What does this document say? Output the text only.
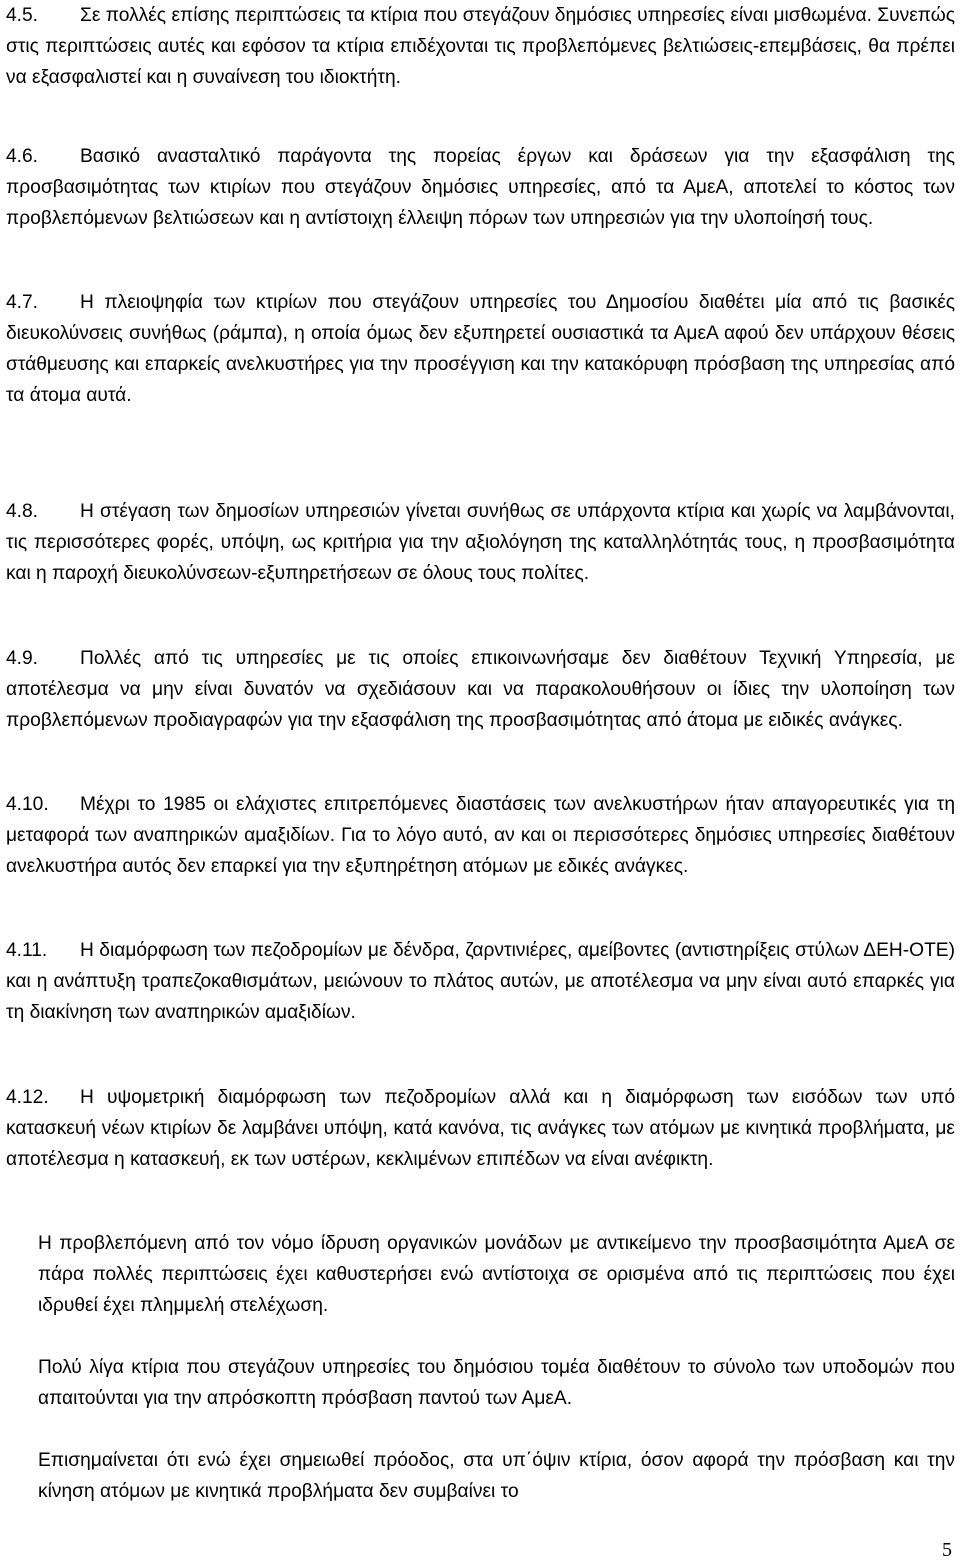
4.5. Σε πολλές επίσης περιπτώσεις τα κτίρια που στεγάζουν δημόσιες υπηρεσίες είναι μισθωμένα. Συνεπώς στις περιπτώσεις αυτές και εφόσον τα κτίρια επιδέχονται τις προβλεπόμενες βελτιώσεις-επεμβάσεις, θα πρέπει να εξασφαλιστεί και η συναίνεση του ιδιοκτήτη.

4.6. Βασικό ανασταλτικό παράγοντα της πορείας έργων και δράσεων για την εξασφάλιση της προσβασιμότητας των κτιρίων που στεγάζουν δημόσιες υπηρεσίες, από τα ΑμεΑ, αποτελεί το κόστος των προβλεπόμενων βελτιώσεων και η αντίστοιχη έλλειψη πόρων των υπηρεσιών για την υλοποίησή τους.

4.7. Η πλειοψηφία των κτιρίων που στεγάζουν υπηρεσίες του Δημοσίου διαθέτει μία από τις βασικές διευκολύνσεις συνήθως (ράμπα), η οποία όμως δεν εξυπηρετεί ουσιαστικά τα ΑμεΑ αφού δεν υπάρχουν θέσεις στάθμευσης και επαρκείς ανελκυστήρες για την προσέγγιση και την κατακόρυφη πρόσβαση της υπηρεσίας από τα άτομα αυτά.

4.8. Η στέγαση των δημοσίων υπηρεσιών γίνεται συνήθως σε υπάρχοντα κτίρια και χωρίς να λαμβάνονται, τις περισσότερες φορές, υπόψη, ως κριτήρια για την αξιολόγηση της καταλληλότητάς τους, η προσβασιμότητα και η παροχή διευκολύνσεων-εξυπηρετήσεων σε όλους τους πολίτες.

4.9. Πολλές από τις υπηρεσίες με τις οποίες επικοινωνήσαμε δεν διαθέτουν Τεχνική Υπηρεσία, με αποτέλεσμα να μην είναι δυνατόν να σχεδιάσουν και να παρακολουθήσουν οι ίδιες την υλοποίηση των προβλεπόμενων προδιαγραφών για την εξασφάλιση της προσβασιμότητας από άτομα με ειδικές ανάγκες.

4.10. Μέχρι το 1985 οι ελάχιστες επιτρεπόμενες διαστάσεις των ανελκυστήρων ήταν απαγορευτικές για τη μεταφορά των αναπηρικών αμαξιδίων. Για το λόγο αυτό, αν και οι περισσότερες δημόσιες υπηρεσίες διαθέτουν ανελκυστήρα αυτός δεν επαρκεί για την εξυπηρέτηση ατόμων με εδικές ανάγκες.

4.11. Η διαμόρφωση των πεζοδρομίων με δένδρα, ζαρντινιέρες, αμείβοντες (αντιστηρίξεις στύλων ΔΕΗ-ΟΤΕ) και η ανάπτυξη τραπεζοκαθισμάτων, μειώνουν το πλάτος αυτών, με αποτέλεσμα να μην είναι αυτό επαρκές για τη διακίνηση των αναπηρικών αμαξιδίων.

4.12. Η υψομετρική διαμόρφωση των πεζοδρομίων αλλά και η διαμόρφωση των εισόδων των υπό κατασκευή νέων κτιρίων δε λαμβάνει υπόψη, κατά κανόνα, τις ανάγκες των ατόμων με κινητικά προβλήματα, με αποτέλεσμα η κατασκευή, εκ των υστέρων, κεκλιμένων επιπέδων να είναι ανέφικτη.

Η προβλεπόμενη από τον νόμο ίδρυση οργανικών μονάδων με αντικείμενο την προσβασιμότητα ΑμεΑ σε πάρα πολλές περιπτώσεις έχει καθυστερήσει ενώ αντίστοιχα σε ορισμένα από τις περιπτώσεις που έχει ιδρυθεί έχει πλημμελή στελέχωση.

Πολύ λίγα κτίρια που στεγάζουν υπηρεσίες του δημόσιου τομέα διαθέτουν το σύνολο των υποδομών που απαιτούνται για την απρόσκοπτη πρόσβαση παντού των ΑμεΑ.

Επισημαίνεται ότι ενώ έχει σημειωθεί πρόοδος, στα υπ΄όψιν κτίρια, όσον αφορά την πρόσβαση και την κίνηση ατόμων με κινητικά προβλήματα δεν συμβαίνει το

5
